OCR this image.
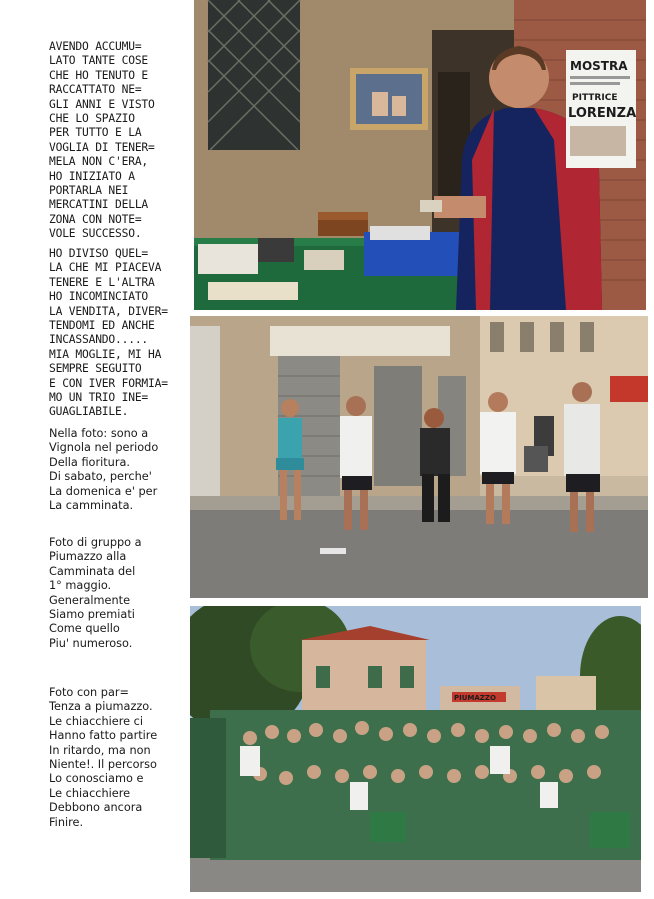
AVENDO ACCUMU=
LATO TANTE COSE
CHE HO TENUTO E
RACCATTATO NE=
GLI ANNI E VISTO
CHE LO SPAZIO
PER TUTTO E LA
VOGLIA DI TENER=
MELA NON C'ERA,
HO INIZIATO A
PORTARLA NEI
MERCATINI DELLA
ZONA CON NOTE=
VOLE SUCCESSO.
HO DIVISO QUEL=
LA CHE MI PIACEVA
TENERE E L'ALTRA
HO INCOMINCIATO
LA VENDITA, DIVER=
TENDOMI ED ANCHE
INCASSANDO.....
MIA MOGLIE, MI HA
SEMPRE SEGUITO
E CON IVER FORMIA=
MO UN TRIO INE=
GUAGLIABILE.
Nella foto: sono a
Vignola nel periodo
Della fioritura.
Di sabato, perche'
La domenica e' per
La camminata.
Foto di gruppo a
Piumazzo alla
Camminata del
1° maggio.
Generalmente
Siamo premiati
Come quello
Piu' numeroso.
Foto con par=
Tenza a piumazzo.
Le chiacchiere ci
Hanno fatto partire
In ritardo, ma non
Niente!. Il percorso
Lo conosciamo e
Le chiacchiere
Debbono ancora
Finire.
MOSTRA
PITTRICE
LORENZA
PIUMAZZO
